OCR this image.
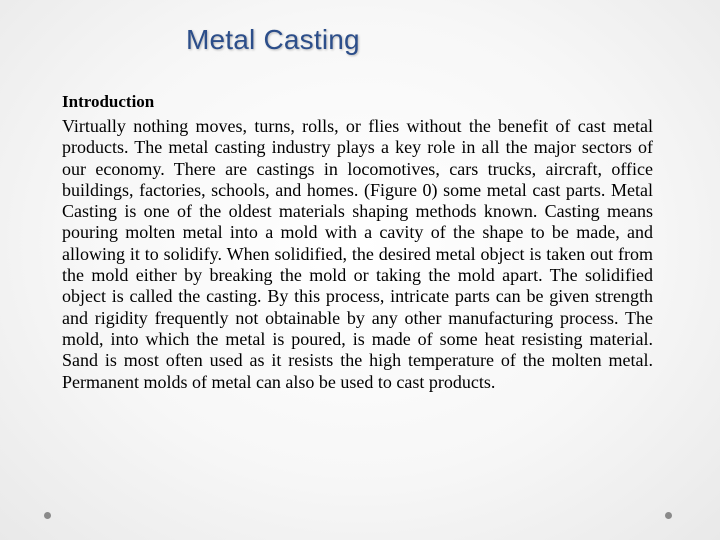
Metal Casting
Introduction

Virtually nothing moves, turns, rolls, or flies without the benefit of cast metal products. The metal casting industry plays a key role in all the major sectors of our economy. There are castings in locomotives, cars trucks, aircraft, office buildings, factories, schools, and homes. (Figure 0) some metal cast parts. Metal Casting is one of the oldest materials shaping methods known. Casting means pouring molten metal into a mold with a cavity of the shape to be made, and allowing it to solidify. When solidified, the desired metal object is taken out from the mold either by breaking the mold or taking the mold apart. The solidified object is called the casting. By this process, intricate parts can be given strength and rigidity frequently not obtainable by any other manufacturing process. The mold, into which the metal is poured, is made of some heat resisting material. Sand is most often used as it resists the high temperature of the molten metal. Permanent molds of metal can also be used to cast products.
